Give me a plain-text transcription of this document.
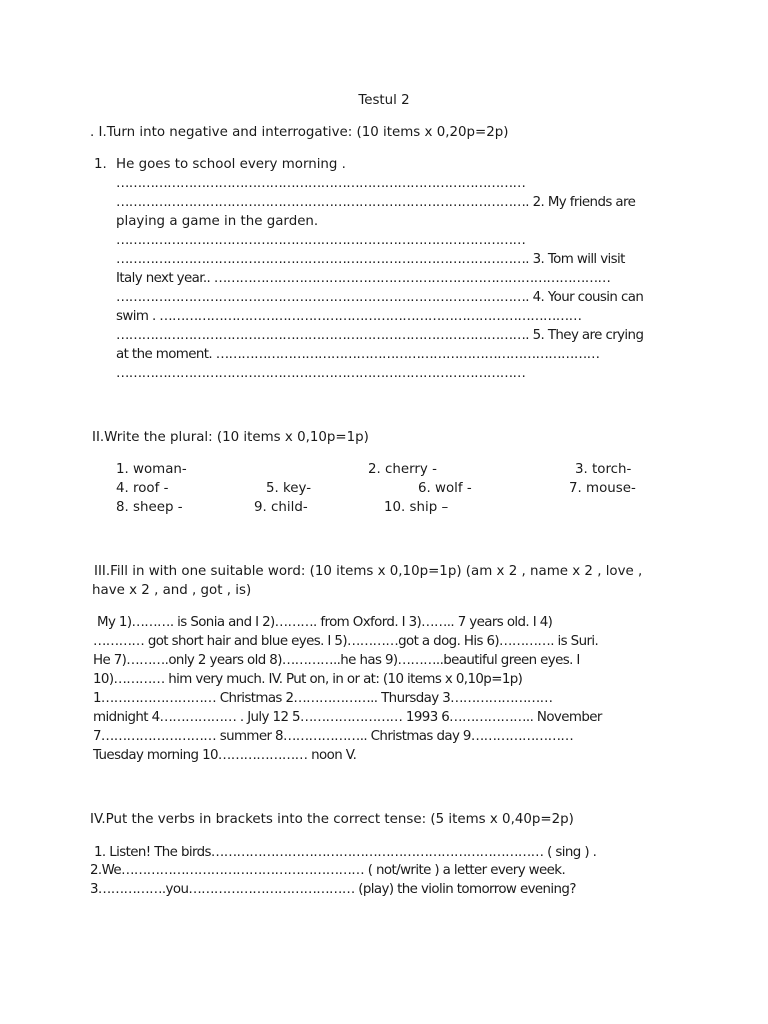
Testul 2
. I.Turn into negative and interrogative: (10 items x 0,20p=2p)
1. He goes to school every morning .
……………………………………………………………………………………
……………………………………………………………………………………. 2. My friends are
playing a game in the garden.
……………………………………………………………………………………
……………………………………………………………………………………. 3. Tom will visit
Italy next year.. …………………………………………………………………………………
……………………………………………………………………………………. 4. Your cousin can
swim . ………………………………………………………………………………………
……………………………………………………………………………………. 5. They are crying
at the moment. ………………………………………………………………………………
……………………………………………………………………………………
II.Write the plural: (10 items x 0,10p=1p)
1. woman-	2. cherry -	3. torch-
4. roof -	5. key-	6. wolf -	7. mouse-
8. sheep -	9. child-	10. ship –
III.Fill in with one suitable word: (10 items x 0,10p=1p) (am x 2 , name x 2 , love ,
have x 2 , and , got , is)
My 1)………. is Sonia and I 2)………. from Oxford. I 3)…….. 7 years old. I 4)
………… got short hair and blue eyes. I 5)…………got a dog. His 6)…………. is Suri.
He 7)……….only 2 years old 8)…………..he has 9)………..beautiful green eyes. I
10)………… him very much. IV. Put on, in or at: (10 items x 0,10p=1p)
1……………………… Christmas 2……………….. Thursday 3……………………
midnight 4……………… . July 12 5…………………… 1993 6……………….. November
7……………………… summer 8……………….. Christmas day 9……………………
Tuesday morning 10………………… noon V.
IV.Put the verbs in brackets into the correct tense: (5 items x 0,40p=2p)
1. Listen! The birds…………………………………………………………………… ( sing ) .
2.We………………………………………………… ( not/write ) a letter every week.
3…………….you………………………………… (play) the violin tomorrow evening?
